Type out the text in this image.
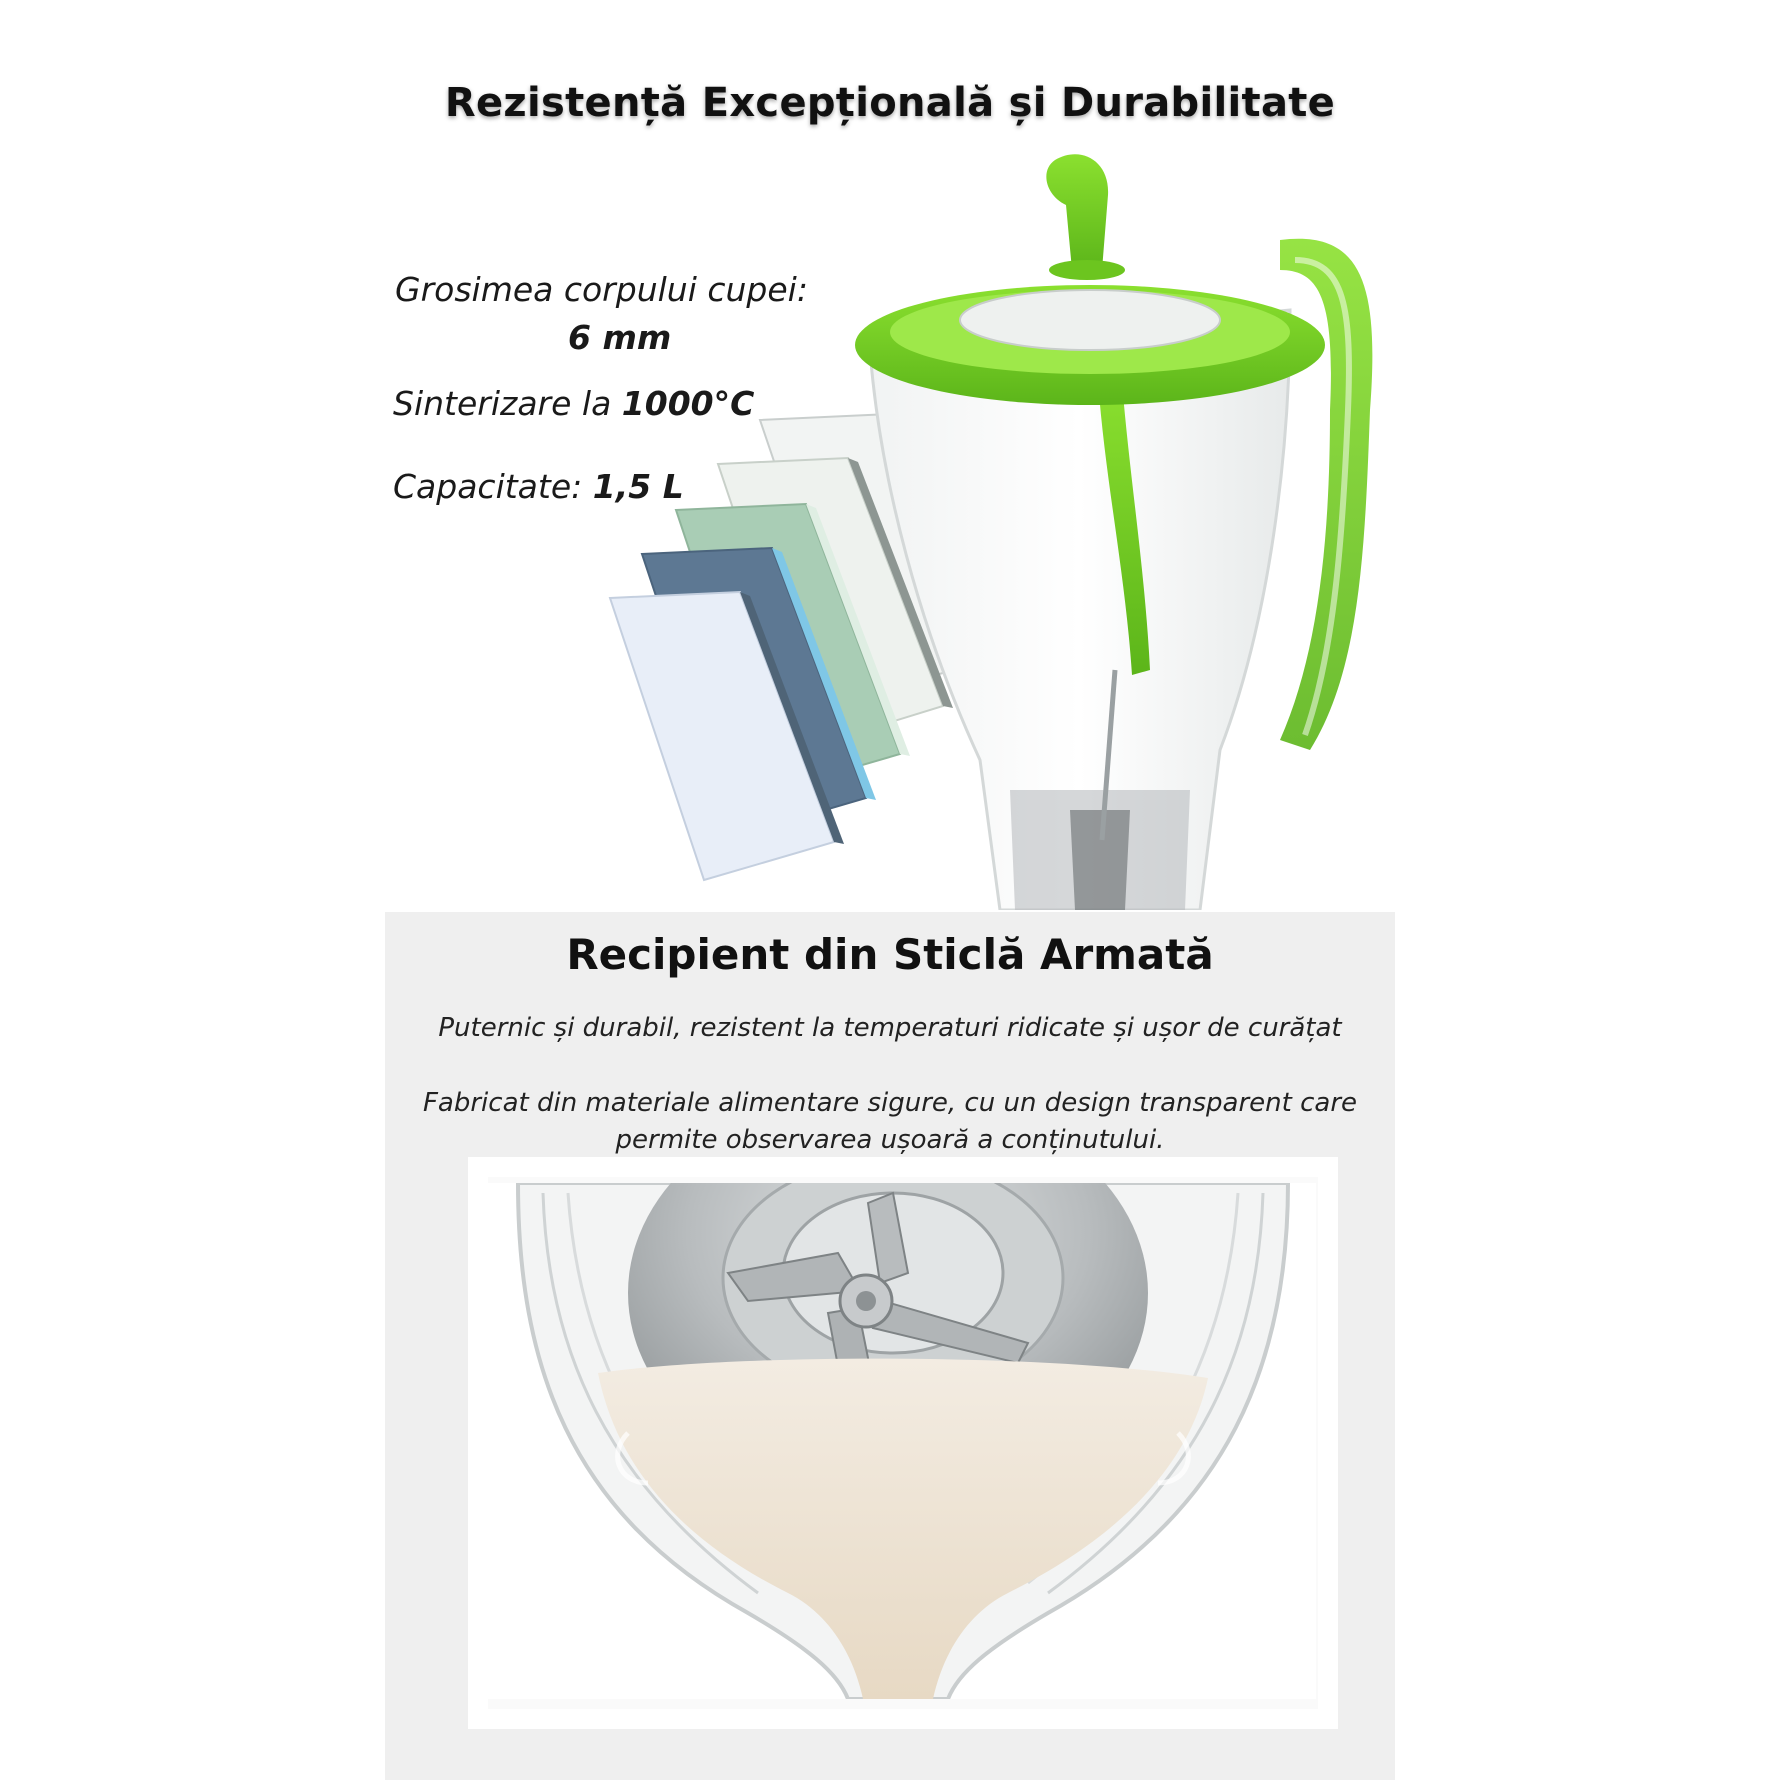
Rezistență Excepțională și Durabilitate
Grosimea corpului cupei:
6 mm
Sinterizare la 1000°C
Capacitate: 1,5 L
Recipient din Sticlă Armată
Puternic și durabil, rezistent la temperaturi ridicate și ușor de curățat
Fabricat din materiale alimentare sigure, cu un design transparent care
permite observarea ușoară a conținutului.
